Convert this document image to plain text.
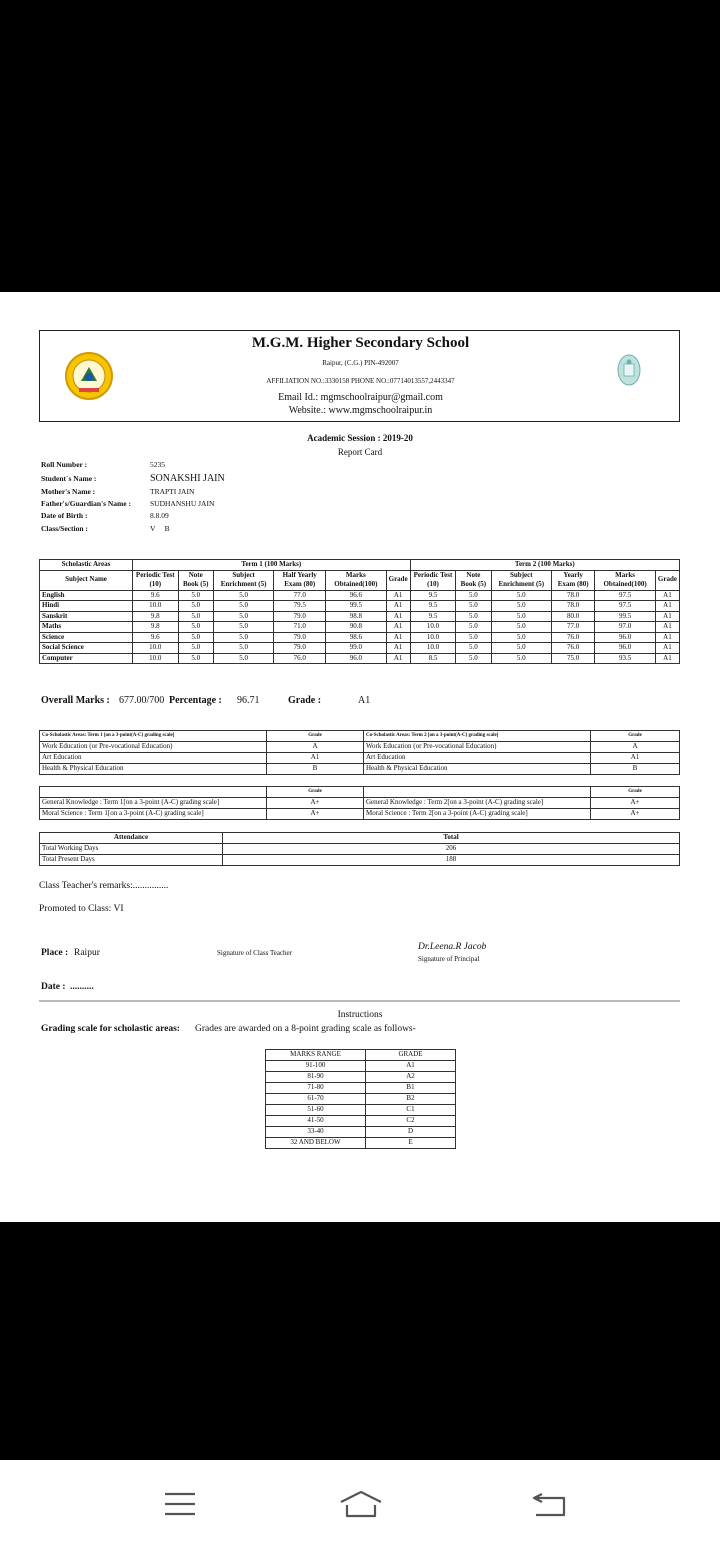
M.G.M. Higher Secondary School
Raipur, (C.G.) PIN-492007
AFFILIATION NO.:3330158 PHONE NO.:07714013557,2443347
Email Id.: mgmschoolraipur@gmail.com
Website.: www.mgmschoolraipur.in
Academic Session : 2019-20
Report Card
Roll Number :	5235
Student`s Name :	SONAKSHI JAIN
Mother's Name :	TRAPTI JAIN
Father's/Guardian's Name :	SUDHANSHU JAIN
Date of Birth :	8.8.09
Class/Section :	V     B
Scholastic Areas	Term 1 (100 Marks)						Term 2 (100 Marks)					
Subject Name	Periodic Test (10)	Note Book (5)	Subject Enrichment (5)	Half Yearly Exam (80)	Marks Obtained(100)	Grade	Periodic Test (10)	Note Book (5)	Subject Enrichment (5)	Yearly Exam (80)	Marks Obtained(100)	Grade
English	9.6	5.0	5.0	77.0	96.6	A1	9.5	5.0	5.0	78.0	97.5	A1
Hindi	10.0	5.0	5.0	79.5	99.5	A1	9.5	5.0	5.0	78.0	97.5	A1
Sanskrit	9.8	5.0	5.0	79.0	98.8	A1	9.5	5.0	5.0	80.0	99.5	A1
Maths	9.8	5.0	5.0	71.0	90.8	A1	10.0	5.0	5.0	77.0	97.0	A1
Science	9.6	5.0	5.0	79.0	98.6	A1	10.0	5.0	5.0	76.0	96.0	A1
Social Science	10.0	5.0	5.0	79.0	99.0	A1	10.0	5.0	5.0	76.0	96.0	A1
Computer	10.0	5.0	5.0	76.0	96.0	A1	8.5	5.0	5.0	75.0	93.5	A1
Overall Marks : 677.00/700 Percentage : 96.71	Grade :	A1
Co-Scholastic Areas: Term 1 [on a 3-point(A-C) grading scale]	Grade	Co-Scholastic Areas: Term 2 [on a 3-point(A-C) grading scale]	Grade
Work Education (or Pre-vocational Education)	A	Work Education (or Pre-vocational Education)	A
Art Education	A1	Art Education	A1
Health & Physical Education	B	Health & Physical Education	B
	Grade		Grade
General Knowledge : Term 1[on a 3-point (A-C) grading scale]	A+	General Knowledge : Term 2[on a 3-point (A-C) grading scale]	A+
Moral Science : Term 1[on a 3-point (A-C) grading scale]	A+	Moral Science : Term 2[on a 3-point (A-C) grading scale]	A+
Attendance	Total
Total Working Days	206
Total Present Days	188
Class Teacher's remarks:...............
Promoted to Class: VI
Place : Raipur	Signature of Class Teacher
Dr.Leena.R Jacob
Signature of Principal
Date : ..........
Instructions
Grading scale for scholastic areas: Grades are awarded on a 8-point grading scale as follows-
MARKS RANGE	GRADE
91-100	A1
81-90	A2
71-80	B1
61-70	B2
51-60	C1
41-50	C2
33-40	D
32 AND BELOW	E
